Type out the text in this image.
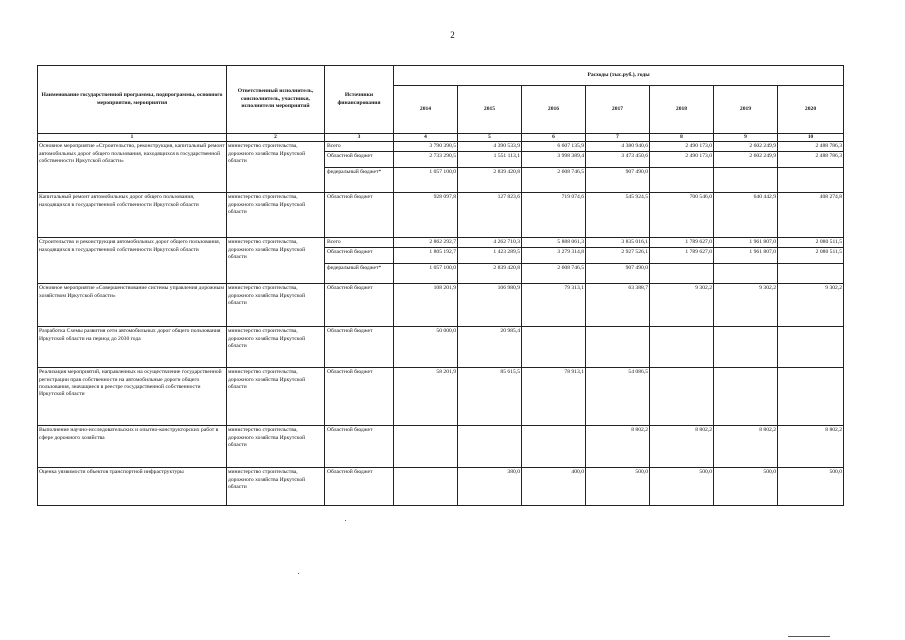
2
Наименование государственной программы, подпрограммы, основного мероприятия, мероприятия	Ответственный исполнитель, соисполнитель, участники, исполнители мероприятий	Источники финансирования	Расходы (тыс.руб.), годы						
			2014	2015	2016	2017	2018	2019	2020
1	2	3	4	5	6	7	8	9	10
Основное мероприятие «Строительство, реконструкция, капитальный ремонт автомобильных дорог общего пользования, находящихся в государственной собственности Иркутской области»	министерство строительства, дорожного хозяйства Иркутской области	Всего	3 790 390,5	4 390 533,9	6 607 135,9	4 380 940,6	2 490 173,0	2 602 249,9	2 488 786,3
		Областной бюджет	2 733 290,5	1 551 113,1	3 998 389,4	3 473 450,6	2 490 173,0	2 602 249,9	2 488 786,3
		федеральный бюджет*	1 057 100,0	2 839 420,8	2 608 746,5	907 490,0			

Капитальный ремонт автомобильных дорог общего пользования, находящихся в государственной собственности Иркутской области	министерство строительства, дорожного хозяйства Иркутской области	Областной бюджет	928 097,8	127 823,6	719 074,6	545 924,5	700 546,0	640 442,9	408 274,8

Строительство и реконструкция автомобильных дорог общего пользования, находящихся в государственной собственности Иркутской области	министерство строительства, дорожного хозяйства Иркутской области	Всего	2 862 292,7	4 262 710,3	5 888 061,3	3 835 016,1	1 789 627,0	1 961 807,0	2 080 511,5
		Областной бюджет	1 805 192,7	1 423 289,5	3 279 314,8	2 927 526,1	1 789 627,0	1 961 807,0	2 080 511,5
		федеральный бюджет*	1 057 100,0	2 839 420,8	2 608 746,5	907 490,0			

Основное мероприятие «Совершенствование системы управления дорожным хозяйством Иркутской области»	министерство строительства, дорожного хозяйства Иркутской области	Областной бюджет	108 201,9	106 980,9	79 313,1	63 388,7	9 302,2	9 302,2	9 302,2

Разработка Схемы развития сети автомобильных дорог общего пользования Иркутской области на период до 2030 года	министерство строительства, дорожного хозяйства Иркутской области	Областной бюджет	50 000,0	20 985,4					

Реализация мероприятий, направленных на осуществление государственной регистрации прав собственности на автомобильные дороги общего пользования, значащиеся в реестре государственной собственности Иркутской области	министерство строительства, дорожного хозяйства Иркутской области	Областной бюджет	58 201,9	85 615,5	78 913,1	54 086,5			

Выполнение научно-исследовательских и опытно-конструкторских работ в сфере дорожного хозяйства	министерство строительства, дорожного хозяйства Иркутской области	Областной бюджет				8 802,2	8 802,2	8 802,2	8 802,2

Оценка уязвимости объектов транспортной инфраструктуры	министерство строительства, дорожного хозяйства Иркутской области	Областной бюджет		380,0	400,0	500,0	500,0	500,0	500,0
